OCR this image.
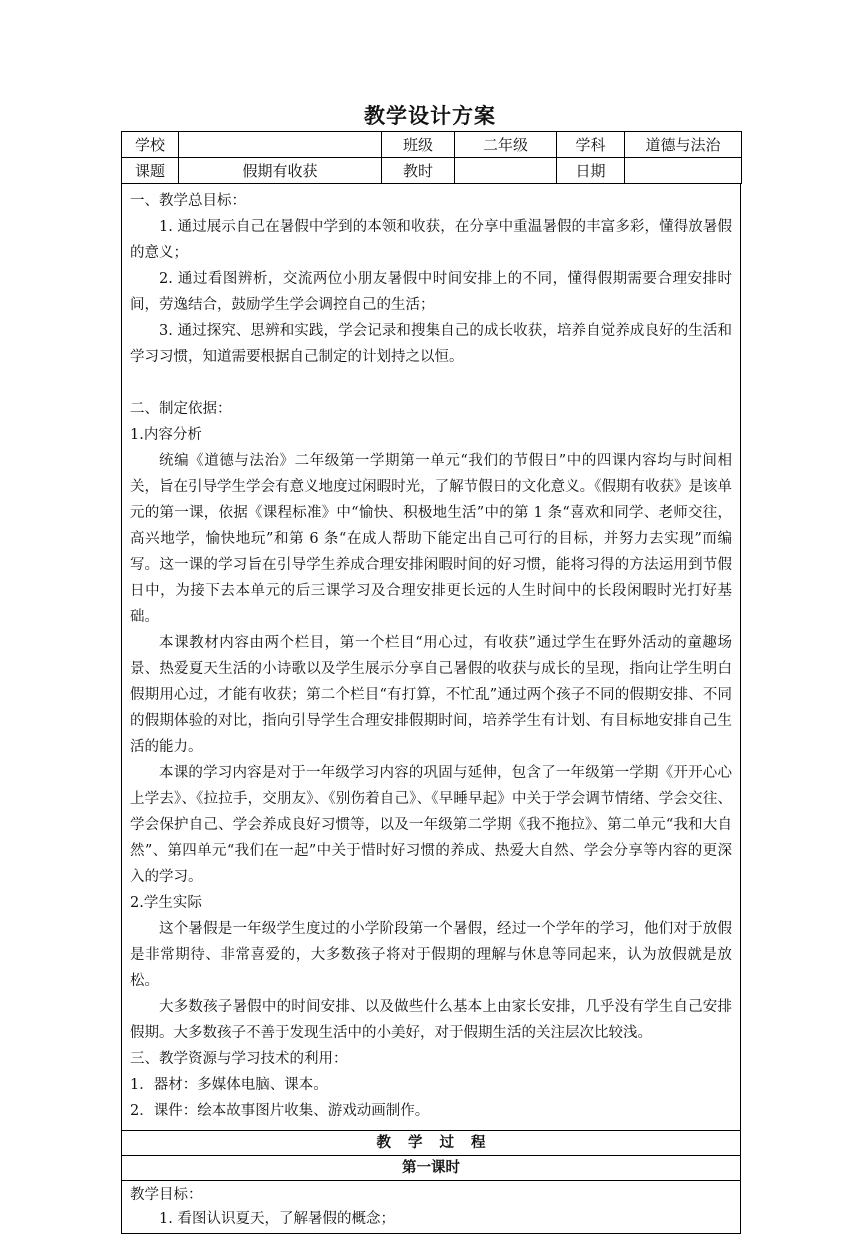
教学设计方案
学校		班级	二年级	学科	道德与法治
课题	假期有收获	教时		日期	

一、教学总目标：

1. 通过展示自己在暑假中学到的本领和收获，在分享中重温暑假的丰富多彩，懂得放暑假的意义；

2. 通过看图辨析，交流两位小朋友暑假中时间安排上的不同，懂得假期需要合理安排时间，劳逸结合，鼓励学生学会调控自己的生活；

3. 通过探究、思辨和实践，学会记录和搜集自己的成长收获，培养自觉养成良好的生活和学习习惯，知道需要根据自己制定的计划持之以恒。

二、制定依据：

1.内容分析

统编《道德与法治》二年级第一学期第一单元“我们的节假日”中的四课内容均与时间相关，旨在引导学生学会有意义地度过闲暇时光，了解节假日的文化意义。《假期有收获》是该单元的第一课，依据《课程标准》中“愉快、积极地生活”中的第 1 条“喜欢和同学、老师交往，高兴地学，愉快地玩”和第 6 条“在成人帮助下能定出自己可行的目标，并努力去实现”而编写。这一课的学习旨在引导学生养成合理安排闲暇时间的好习惯，能将习得的方法运用到节假日中，为接下去本单元的后三课学习及合理安排更长远的人生时间中的长段闲暇时光打好基础。

本课教材内容由两个栏目，第一个栏目“用心过，有收获”通过学生在野外活动的童趣场景、热爱夏天生活的小诗歌以及学生展示分享自己暑假的收获与成长的呈现，指向让学生明白假期用心过，才能有收获；第二个栏目“有打算，不忙乱”通过两个孩子不同的假期安排、不同的假期体验的对比，指向引导学生合理安排假期时间，培养学生有计划、有目标地安排自己生活的能力。

本课的学习内容是对于一年级学习内容的巩固与延伸，包含了一年级第一学期《开开心心上学去》、《拉拉手，交朋友》、《别伤着自己》、《早睡早起》中关于学会调节情绪、学会交往、学会保护自己、学会养成良好习惯等，以及一年级第二学期《我不拖拉》、第二单元“我和大自然”、第四单元“我们在一起”中关于惜时好习惯的养成、热爱大自然、学会分享等内容的更深入的学习。

2.学生实际

这个暑假是一年级学生度过的小学阶段第一个暑假，经过一个学年的学习，他们对于放假是非常期待、非常喜爱的，大多数孩子将对于假期的理解与休息等同起来，认为放假就是放松。

大多数孩子暑假中的时间安排、以及做些什么基本上由家长安排，几乎没有学生自己安排假期。大多数孩子不善于发现生活中的小美好，对于假期生活的关注层次比较浅。

三、教学资源与学习技术的利用：

1．器材：多媒体电脑、课本。

2．课件：绘本故事图片收集、游戏动画制作。

教学过程
第一课时

教学目标：

1. 看图认识夏天，了解暑假的概念；
